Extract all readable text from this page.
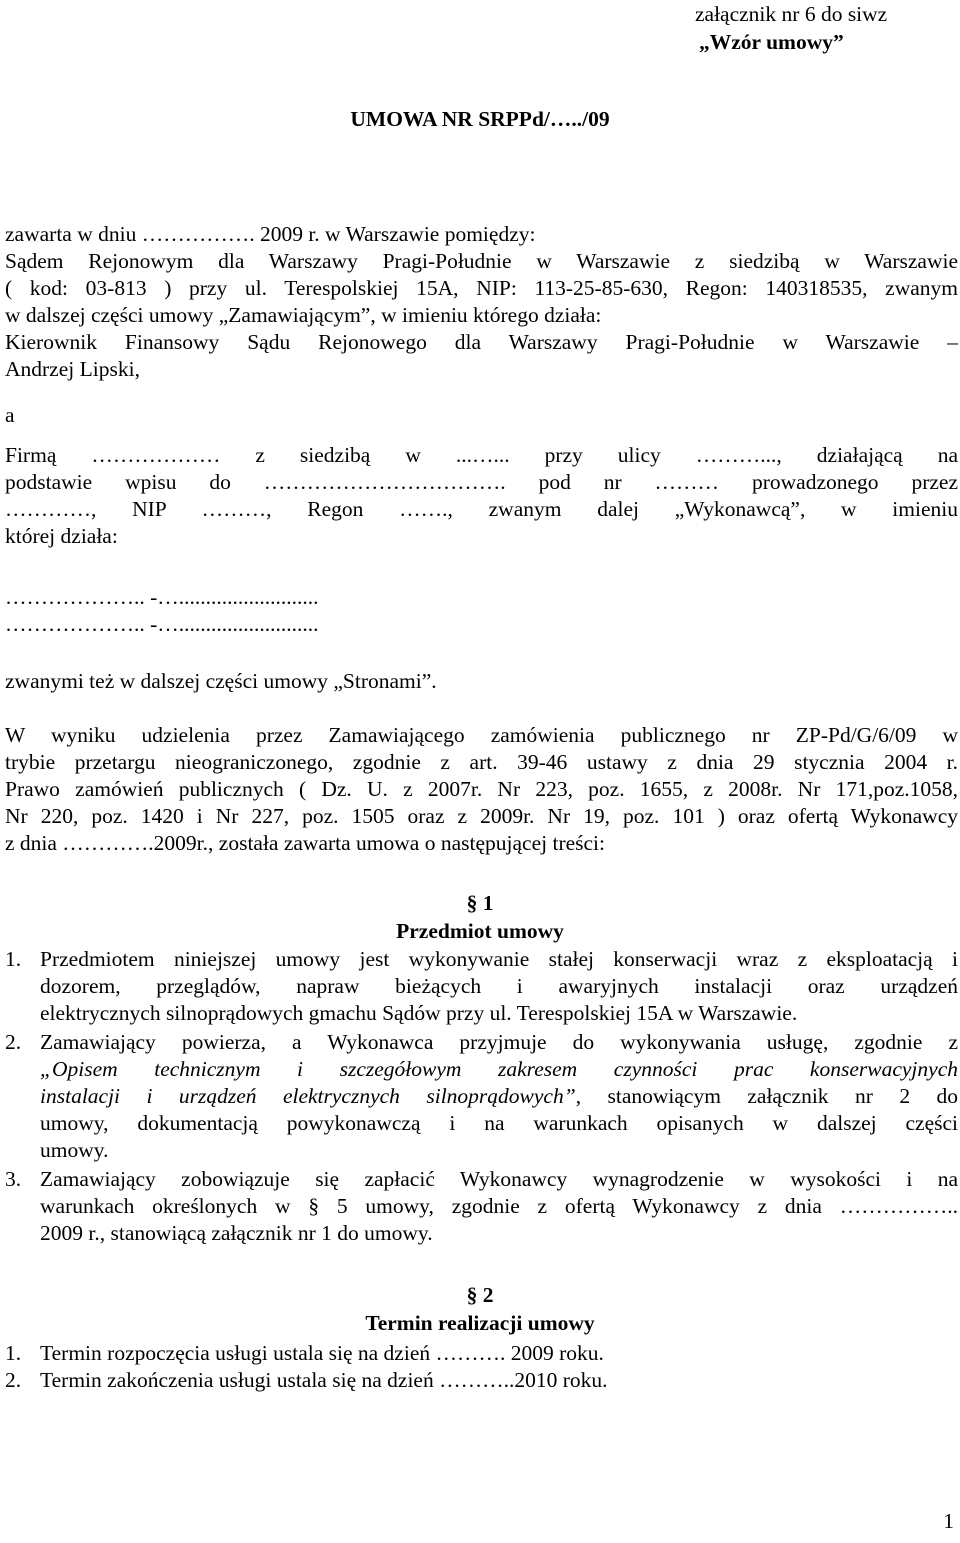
załącznik nr 6 do siwz
„Wzór umowy”
UMOWA NR SRPPd/…../09
zawarta w dniu ……………. 2009 r. w Warszawie pomiędzy:
Sądem Rejonowym dla Warszawy Pragi-Południe w Warszawie z siedzibą w Warszawie
( kod: 03-813 ) przy ul. Terespolskiej 15A, NIP: 113-25-85-630, Regon: 140318535, zwanym
w dalszej części umowy „Zamawiającym”, w imieniu którego działa:
Kierownik Finansowy Sądu Rejonowego dla Warszawy Pragi-Południe w Warszawie –
Andrzej Lipski,
a
Firmą ……………… z siedzibą w ...…... przy ulicy ………..., działającą na
podstawie wpisu do ……………………………. pod nr ……… prowadzonego przez
…………, NIP ………, Regon ……., zwanym dalej „Wykonawcą”, w imieniu
której działa:
……………….. -…..........................
……………….. -…..........................
zwanymi też w dalszej części umowy „Stronami”.
W wyniku udzielenia przez Zamawiającego zamówienia publicznego nr ZP-Pd/G/6/09 w
trybie przetargu nieograniczonego, zgodnie z art. 39-46 ustawy z dnia 29 stycznia 2004 r.
Prawo zamówień publicznych ( Dz. U. z 2007r. Nr 223, poz. 1655, z 2008r. Nr 171,poz.1058,
Nr 220, poz. 1420 i Nr 227, poz. 1505 oraz z 2009r. Nr 19, poz. 101 ) oraz ofertą Wykonawcy
z dnia ………….2009r., została zawarta umowa o następującej treści:
§ 1
Przedmiot umowy
1. Przedmiotem niniejszej umowy jest wykonywanie stałej konserwacji wraz z eksploatacją i
dozorem, przeglądów, napraw bieżących i awaryjnych instalacji oraz urządzeń
elektrycznych silnoprądowych gmachu Sądów przy ul. Terespolskiej 15A w Warszawie.
2. Zamawiający powierza, a Wykonawca przyjmuje do wykonywania usługę, zgodnie z
„Opisem technicznym i szczegółowym zakresem czynności prac konserwacyjnych
instalacji i urządzeń elektrycznych silnoprądowych”, stanowiącym załącznik nr 2 do
umowy, dokumentacją powykonawczą i na warunkach opisanych w dalszej części
umowy.
3. Zamawiający zobowiązuje się zapłacić Wykonawcy wynagrodzenie w wysokości i na
warunkach określonych w § 5 umowy, zgodnie z ofertą Wykonawcy z dnia ……………..
2009 r., stanowiącą załącznik nr 1 do umowy.
§ 2
Termin realizacji umowy
1. Termin rozpoczęcia usługi ustala się na dzień ………. 2009 roku.
2. Termin zakończenia usługi ustala się na dzień ………..2010 roku.
1
